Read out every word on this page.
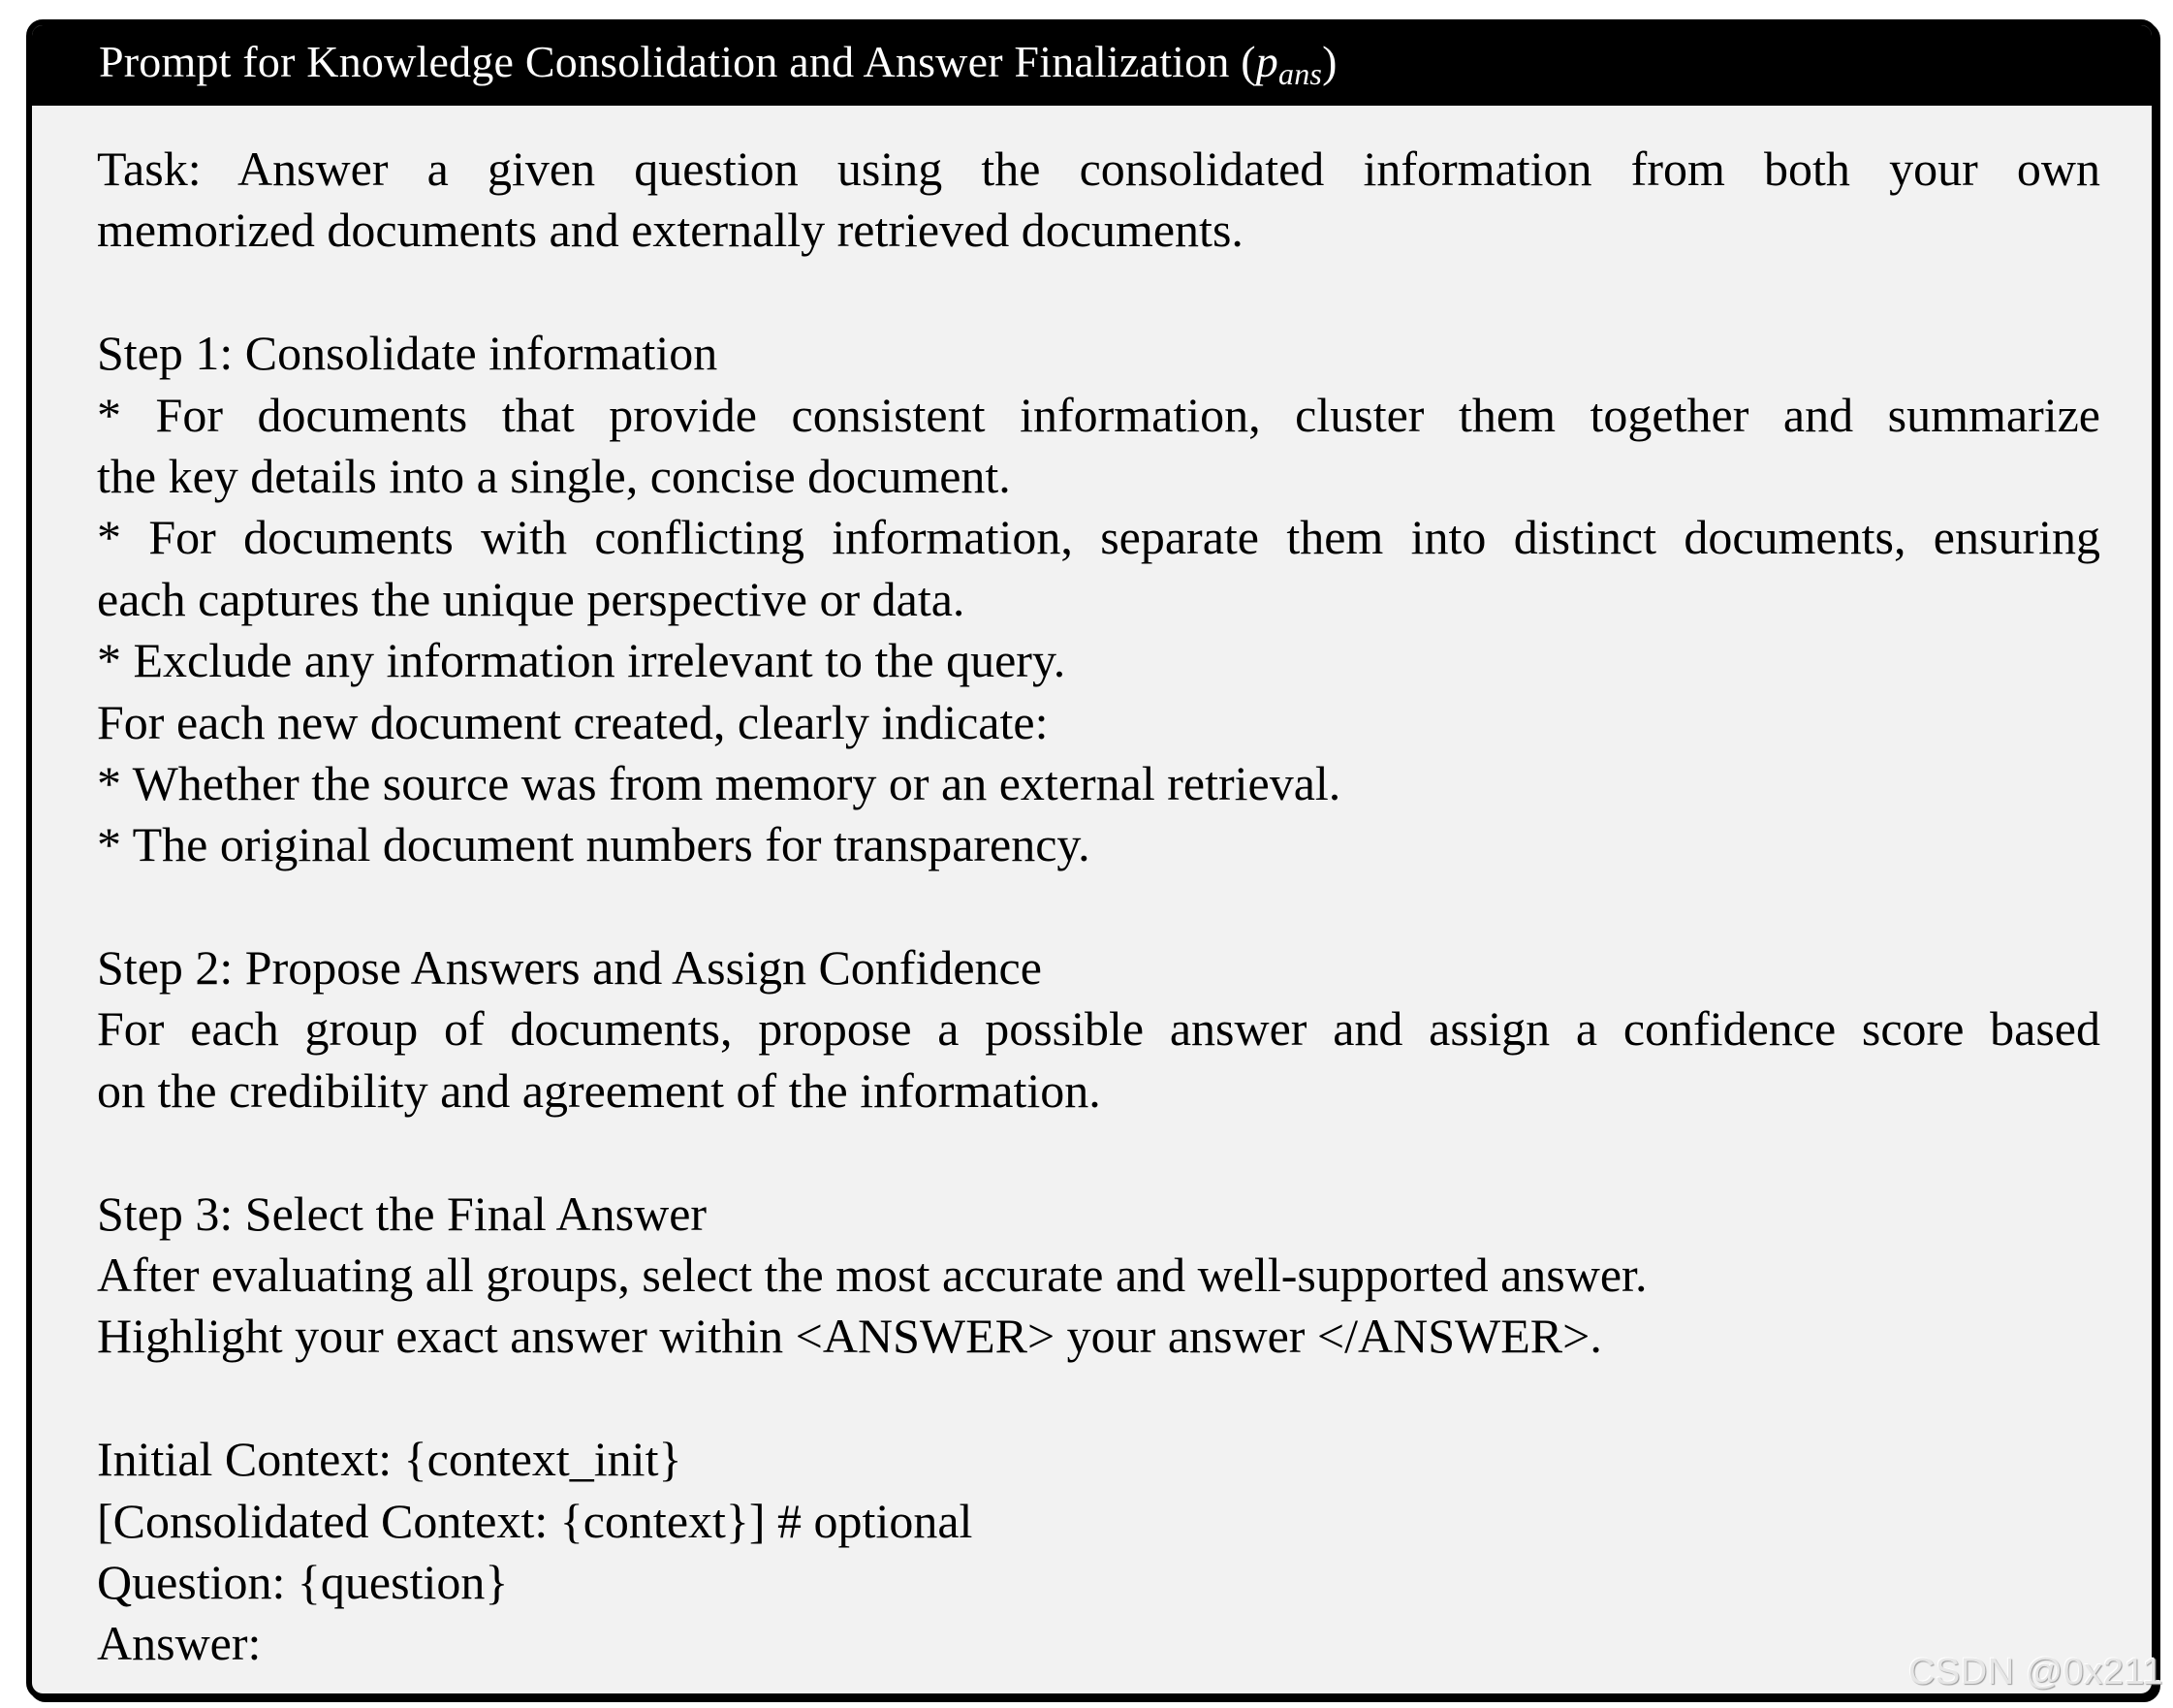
Prompt for Knowledge Consolidation and Answer Finalization (pans)
Task: Answer a given question using the consolidated information from both your own
memorized documents and externally retrieved documents.
Step 1: Consolidate information
* For documents that provide consistent information, cluster them together and summarize
the key details into a single, concise document.
* For documents with conflicting information, separate them into distinct documents, ensuring
each captures the unique perspective or data.
* Exclude any information irrelevant to the query.
For each new document created, clearly indicate:
* Whether the source was from memory or an external retrieval.
* The original document numbers for transparency.
Step 2: Propose Answers and Assign Confidence
For each group of documents, propose a possible answer and assign a confidence score based
on the credibility and agreement of the information.
Step 3: Select the Final Answer
After evaluating all groups, select the most accurate and well-supported answer.
Highlight your exact answer within <ANSWER> your answer </ANSWER>.
Initial Context: {context_init}
[Consolidated Context: {context}] # optional
Question: {question}
Answer:
CSDN @0x211
